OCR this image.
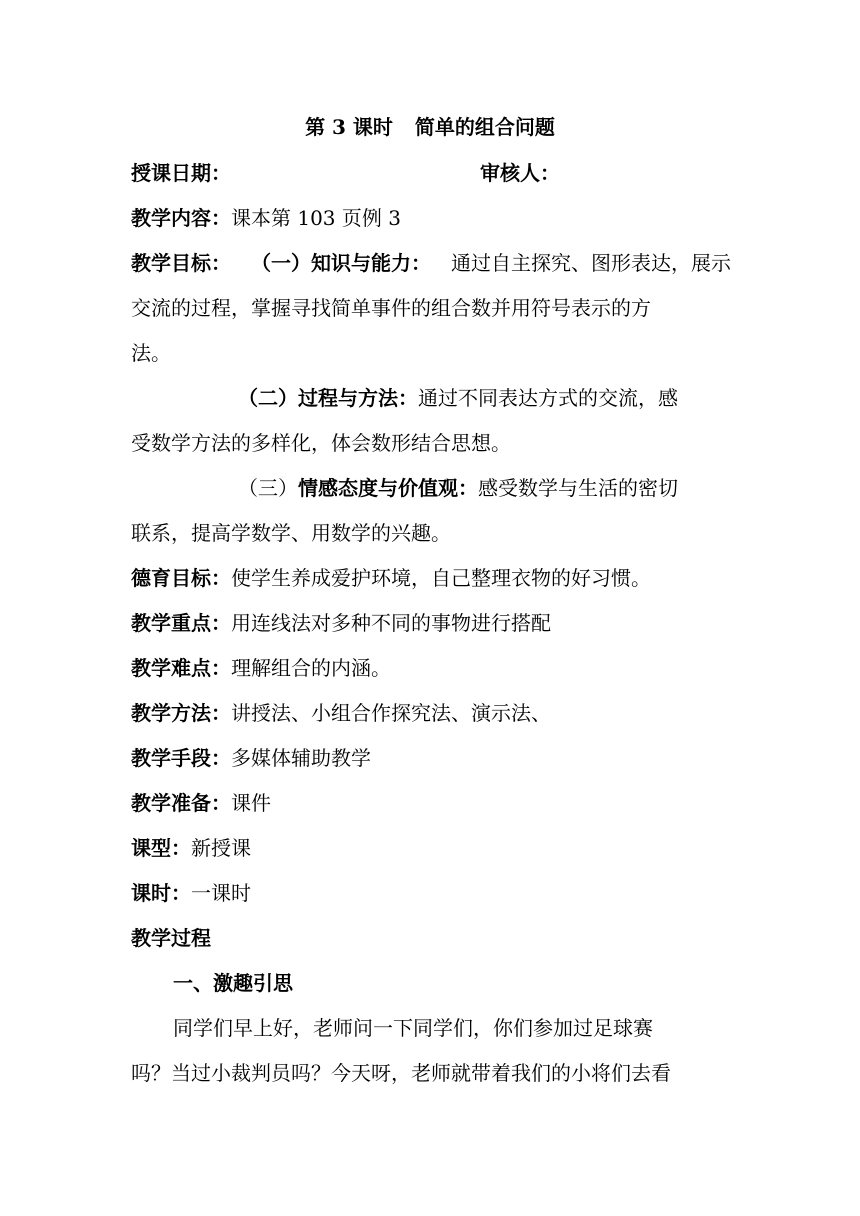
第 3 课时 简单的组合问题
授课日期：	审核人：
教学内容：课本第 103 页例 3
教学目标： （一）知识与能力： 通过自主探究、图形表达，展示
交流的过程，掌握寻找简单事件的组合数并用符号表示的方
法。
（二）过程与方法：通过不同表达方式的交流，感
受数学方法的多样化，体会数形结合思想。
（三）情感态度与价值观：感受数学与生活的密切
联系，提高学数学、用数学的兴趣。
德育目标：使学生养成爱护环境，自己整理衣物的好习惯。
教学重点：用连线法对多种不同的事物进行搭配
教学难点：理解组合的内涵。
教学方法：讲授法、小组合作探究法、演示法、
教学手段：多媒体辅助教学
教学准备：课件
课型：新授课
课时：一课时
教学过程
一、激趣引思
同学们早上好，老师问一下同学们，你们参加过足球赛
吗？当过小裁判员吗？今天呀，老师就带着我们的小将们去看
